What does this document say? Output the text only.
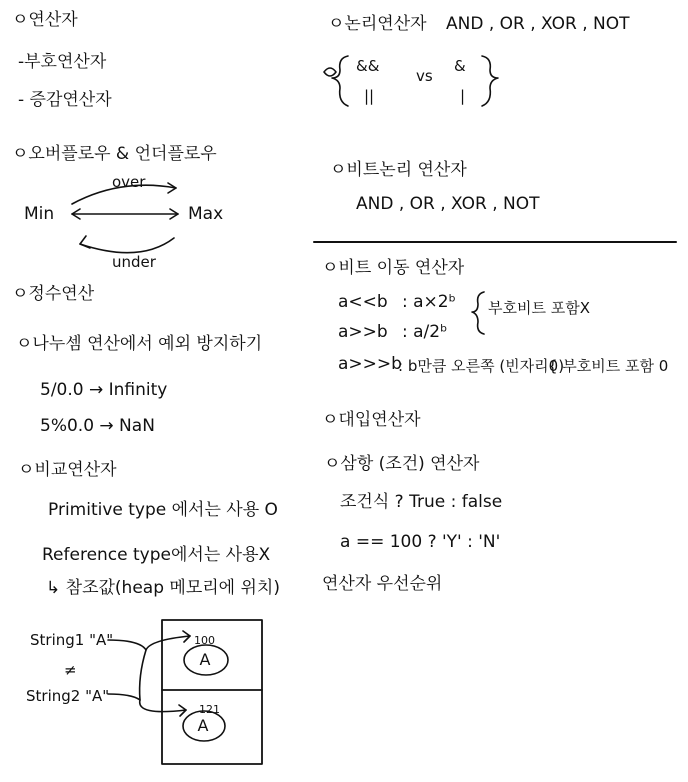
ㅇ연산자
-부호연산자
- 증감연산자
ㅇ오버플로우 & 언더플로우
over
Min	Max
under
ㅇ정수연산
ㅇ나누셈 연산에서 예외 방지하기
5/0.0 → Infinity
5%0.0 → NaN
ㅇ비교연산자
Primitive type 에서는 사용 O
Reference type에서는 사용X
↳ 참조값(heap 메모리에 위치)
String1 "A"
≠
String2 "A"
100
A
121
A
ㅇ논리연산자 AND , OR , XOR , NOT
&&
||
vs
&
|
ㅇ비트논리 연산자
AND , OR , XOR , NOT
ㅇ비트 이동 연산자
a<<b : a×2ᵇ
a>>b : a/2ᵇ
부호비트 포함X
a>>>b
: b만큼 오른쪽 (빈자리0)
{ 부호비트 포함 0
ㅇ대입연산자
ㅇ삼항 (조건) 연산자
조건식 ? True : false
a == 100 ? 'Y' : 'N'
연산자 우선순위
